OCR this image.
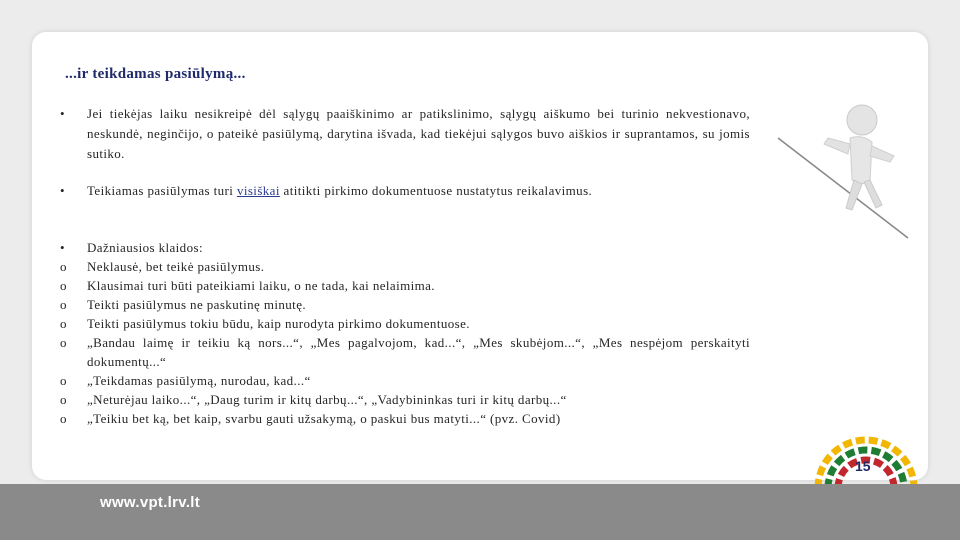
...ir teikdamas pasiūlymą...
•	Jei tiekėjas laiku nesikreipė dėl sąlygų paaiškinimo ar patikslinimo, sąlygų aiškumo bei turinio nekvestionavo, neskundė, neginčijo, o pateikė pasiūlymą, darytina išvada, kad tiekėjui sąlygos buvo aiškios ir suprantamos, su jomis sutiko.
•	Teikiamas pasiūlymas turi visiškai atitikti pirkimo dokumentuose nustatytus reikalavimus.
•	Dažniausios klaidos:
o	Neklausė, bet teikė pasiūlymus.
o	Klausimai turi būti pateikiami laiku, o ne tada, kai nelaimima.
o	Teikti pasiūlymus ne paskutinę minutę.
o	Teikti pasiūlymus tokiu būdu, kaip nurodyta pirkimo dokumentuose.
o	„Bandau laimę ir teikiu ką nors...“, „Mes pagalvojom, kad...“, „Mes skubėjom...“, „Mes nespėjom perskaityti dokumentų...“
o	„Teikdamas pasiūlymą, nurodau, kad...“
o	„Neturėjau laiko...“, „Daug turim ir kitų darbų...“, „Vadybininkas turi ir kitų darbų...“
o	„Teikiu bet ką, bet kaip, svarbu gauti užsakymą, o paskui bus matyti...“ (pvz. Covid)
15
www.vpt.lrv.lt
